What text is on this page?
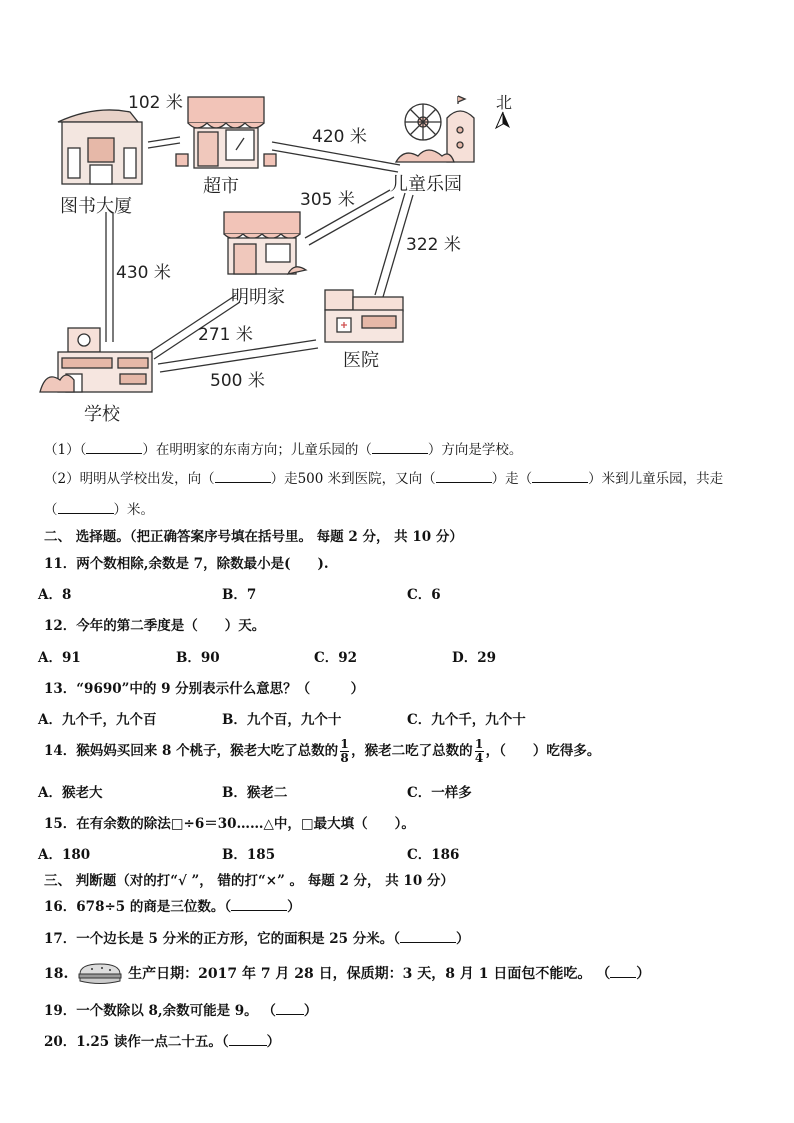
北
图书大厦
超市	儿童乐园
明明家
医院
学校
102 米
420 米
305 米
322 米
430 米
271 米
500 米
（1）（	）在明明家的东南方向；儿童乐园的（	）方向是学校。
（2）明明从学校出发，向（	）走500 米到医院，又向（	）走（	）米到儿童乐园，共走
（	）米。
二、 选择题。（把正确答案序号填在括号里。 每题 2 分， 共 10 分）
11．两个数相除,余数是 7，除数最小是(　　).
A．8	B．7	C．6
12．今年的第二季度是（　　）天。
A．91	B．90	C．92	D．29
13．“9690”中的 9 分别表示什么意思？（　　　）
A．九个千，九个百	B．九个百，九个十	C．九个千，九个十
14．猴妈妈买回来 8 个桃子，猴老大吃了总数的 $\frac{1}{8}$ ，猴老二吃了总数的 $\frac{1}{4}$ ，（　　）吃得多。
A．猴老大	B．猴老二	C．一样多
15．在有余数的除法□÷6＝30……△中，□最大填（　　）。
A．180	B．185	C．186
三、 判断题（对的打“√ ”， 错的打“×” 。 每题 2 分， 共 10 分）
16．678÷5 的商是三位数。（	）
17．一个边长是 5 分米的正方形，它的面积是 25 分米。（	）
18.	生产日期：2017 年 7 月 28 日，保质期：3 天，8 月 1 日面包不能吃。 （ ）
19．一个数除以 8,余数可能是 9。 （ ）
20．1.25 读作一点二十五。（	）
